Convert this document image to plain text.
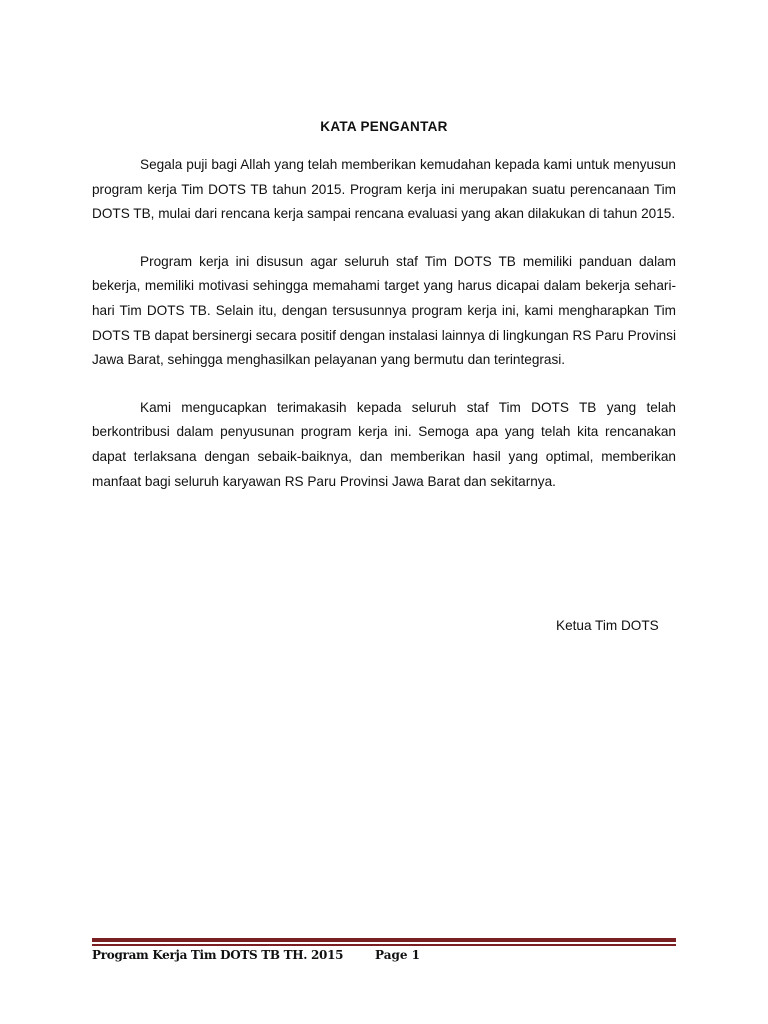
KATA PENGANTAR

Segala puji bagi Allah yang telah memberikan kemudahan kepada kami untuk menyusun program kerja Tim DOTS TB tahun 2015. Program kerja ini merupakan suatu perencanaan Tim DOTS TB, mulai dari rencana kerja sampai rencana evaluasi yang akan dilakukan di tahun 2015.

Program kerja ini disusun agar seluruh staf Tim DOTS TB memiliki panduan dalam bekerja, memiliki motivasi sehingga memahami target yang harus dicapai dalam bekerja sehari-hari Tim DOTS TB. Selain itu, dengan tersusunnya program kerja ini, kami mengharapkan Tim DOTS TB dapat bersinergi secara positif dengan instalasi lainnya di lingkungan RS Paru Provinsi Jawa Barat, sehingga menghasilkan pelayanan yang bermutu dan terintegrasi.

Kami mengucapkan terimakasih kepada seluruh staf Tim DOTS TB yang telah berkontribusi dalam penyusunan program kerja ini. Semoga apa yang telah kita rencanakan dapat terlaksana dengan sebaik-baiknya, dan memberikan hasil yang optimal, memberikan manfaat bagi seluruh karyawan RS Paru Provinsi Jawa Barat dan sekitarnya.

Ketua Tim DOTS
Program Kerja Tim DOTS TB TH. 2015	Page 1
